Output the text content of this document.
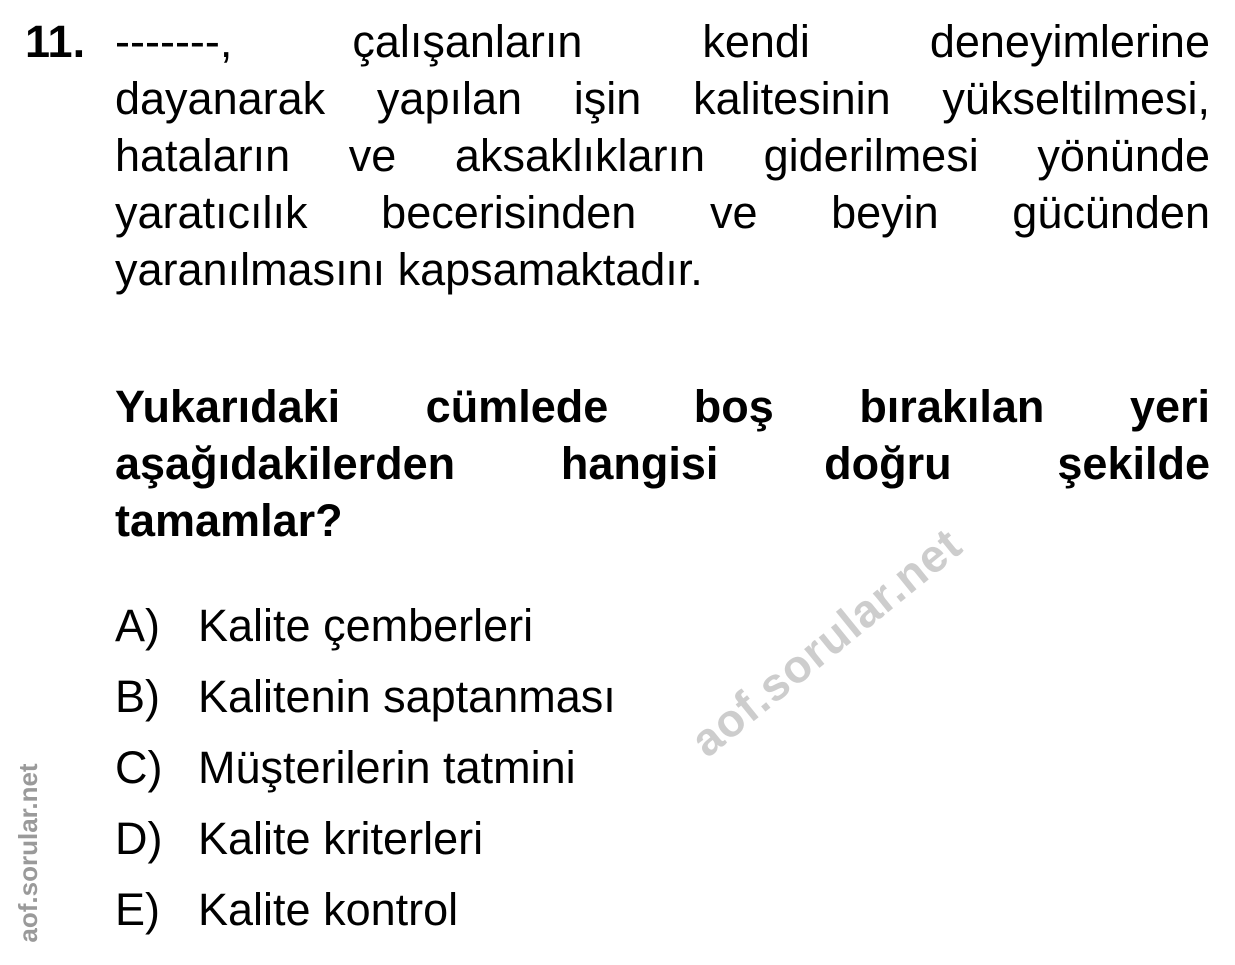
11. -------, çalışanların kendi deneyimlerine
dayanarak yapılan işin kalitesinin yükseltilmesi,
hataların ve aksaklıkların giderilmesi yönünde
yaratıcılık becerisinden ve beyin gücünden
yaranılmasını kapsamaktadır.
Yukarıdaki cümlede boş bırakılan yeri
aşağıdakilerden hangisi doğru şekilde
tamamlar?
A) Kalite çemberleri
B) Kalitenin saptanması
C) Müşterilerin tatmini
D) Kalite kriterleri
E) Kalite kontrol
aof.sorular.net
aof.sorular.net
